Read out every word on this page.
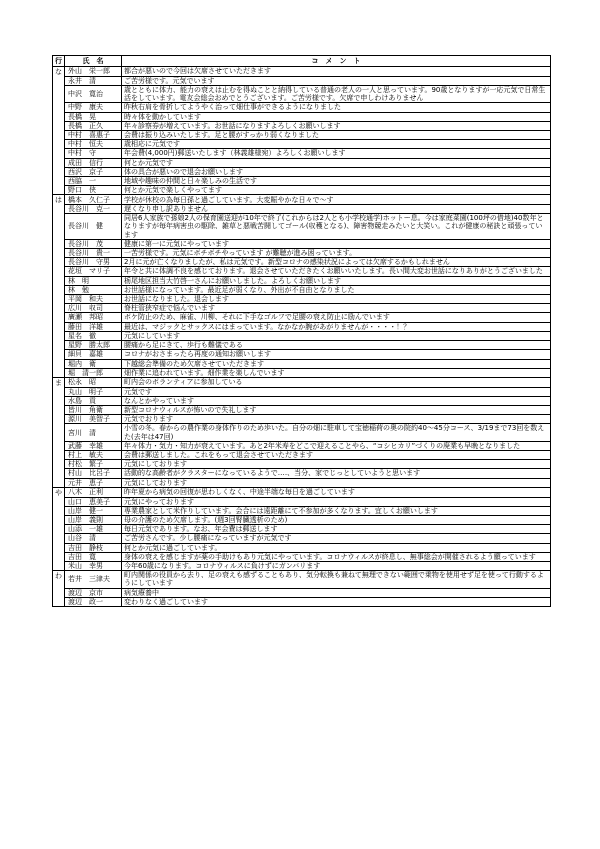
行	氏　名	コ　メ　ン　ト
な	外山　栄一郎	都合が悪いので今回は欠席させていただきます
	永井　清	ご苦労様です。元気でいます
	中沢　寛治	歳とともに体力、能力の衰えは止むを得ぬことと納得している普通の老人の一人と思っています。90歳となりますが一応元気で日常生活をしています。電友会総会おめでとうございます。ご苦労様です。欠席で申しわけありません
	中野　康夫	昨秋右肩を骨折してようやく治って畑仕事ができるようになりました
	長橋　晃	時々体を動かしています
	長橋　正久	年々診察券が増えています。お世話になりますよろしくお願いします
	中村　喜惠子	会費は振り込みいたします。足と腰がすっかり弱くなりました
	中村　恒夫	歳相応に元気です
	中村　守	年会費(4,000円)郵送いたします（林義雄様宛）よろしくお願いします
	成田　信行	何とか元気です
	西沢　京子	体の具合が悪いので退会お願いします
	西脇　一	地域や趣味の仲間と日々楽しみの生活です
	野口　侠	何とか元気で楽しくやってます
は	橋本　久仁子	学校が休校の為毎日孫と過ごしています。大変賑やかな日々で～す
	長谷川　克一	遅くなり申し訳ありません
	長谷川　健	同居6人家族で孫娘2人の保育園送迎が10年で終了(これからは2人とも小学校通学)ホットー息。今は家庭菜園(100坪の借地)40数年となりますが毎年病害虫の駆除、雑草と悪戦苦闘してゴール(収穫となる)、障害物競走みたいと大笑い。これが健康の秘訣と頑張っています
	長谷川　茂	健康に第一に元気にやっています
	長谷川　貴一	一苦労様です。元気にボチボチやっています が難聴が進み困っています。
	長谷川　守男	2月に元が亡くなりましたが、私は元気です。新型コロナの感染状況によっては欠席するかもしれません
	花垣　マリ子	年令と共に体調不良を感じております。退会させていただきたくお願いいたします。長い間大変お世話になりありがとうございました
	林　明	栃尾地区担当大竹啓一さんにお願いしました。よろしくお願いします
	林　勉	お世話様になっています。最近足が弱くなり、外出が不自由となりました
	平岡　和夫	お世話になりました。退会します
	広川　収司	脊柱管狭窄症で悩んでいます
	廣瀬　邦昭	ボケ防止のため、麻雀、川柳、それに下手なゴルフで足腰の衰え防止に励んでいます
	藤田　洋雄	最近は、マジックとサックスにはまっています。なかなか腕があがりませんが・・・・！？
	星名　徹	元気にしています
	星野　勝太郎	腰痛から足にきて、歩行も難儀である
	細貝　嘉雄	コロナがおさまったら再度の通知お願いします
	堀内　衛	下越総会準備のため欠席させていただきます
	堀　清一郎	畑作業に追われています。畑作業を楽しんでいます
ま	松永　昭	町内会のボランティアに参加している
	丸山　明子	元気です
	水島　貢	なんとかやっています
	皆川　角衛	新型コロナウィルスが怖いので失礼します
	源川　美智子	元気でおります
	宮川　清	小雪の冬。春からの農作業の身体作りのため歩いた。自分の畑に駐車して宝徳稲荷の奥の院約40～45分コース、3/19まで73回を数えた(去年は47回)
	武藤　幸雄	年々体力・気力・知力が衰えています。あと2年米寿をどこで迎えることやら、“コシヒカリ”づくりの廃業も早晩となりました
	村上　敏夫	会費は郵送しました。これをもって退会させていただきます
	村松　繁子	元気にしております
	村山　比呂子	活動的な高齢者がクラスターになっているようで‥‥、当分、家でじっとしていようと思います
	元井　恵子	元気にしております
や	八木　正利	昨年夏から病気の回復が思わしくなく、中途半端な毎日を過ごしています
	山口　恵美子	元気にやっております
	山岸　健一	専業農家として米作りしています。会合には遠距離にて不参加が多くなります。宜しくお願いします
	山岸　義則	母の介護のため欠席します。(週3回腎臓透析のため)
	山添　一雄	毎日元気であります。なお、年会費は郵送します
	山谷　清	ご苦労さんです。少し腰痛になっていますが元気です
	吉田　静枝	何とか元気に過ごしています。
	吉田　寛	身体の衰えを感じますが薬の手助けもあり元気にやっています。コロナウィルスが終息し、無事総会が開催されるよう願っています
	米山　幸男	今年60歳になります。コロナウィルスに負けずにガンバリます
わ	若井　三津夫	町内関係の役員から去り、足の衰えも感ずることもあり、気分転換も兼ねて無理できない範囲で乗物を使用せず足を使って行動するようにしています
	渡辺　京市	病気療養中
	渡辺　政一	変わりなく過ごしています
